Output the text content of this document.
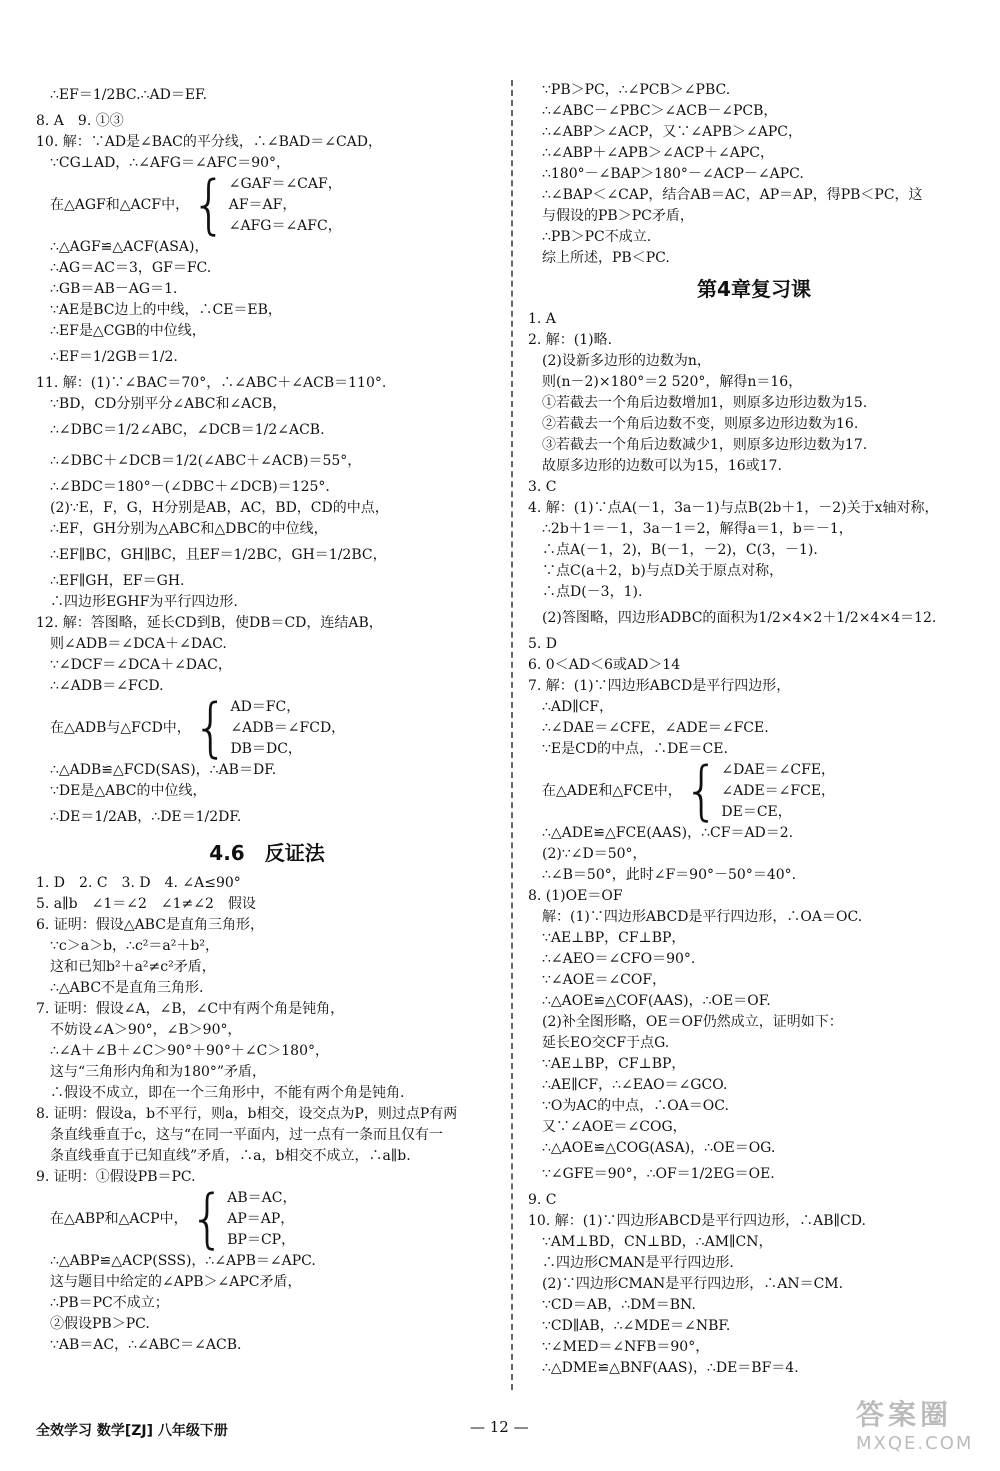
∴EF＝1/2BC.∴AD＝EF.
8. A　9. ①③
10. 解：∵AD是∠BAC的平分线，∴∠BAD＝∠CAD，
∵CG⊥AD，∴∠AFG＝∠AFC＝90°，
在△AGF和△ACF中， { ∠GAF＝∠CAF，
AF＝AF，
∠AFG＝∠AFC，
∴△AGF≌△ACF(ASA)，
∴AG＝AC＝3，GF＝FC.
∴GB＝AB－AG＝1.
∵AE是BC边上的中线，∴CE＝EB，
∴EF是△CGB的中位线，
∴EF＝1/2GB＝1/2.
11. 解：(1)∵∠BAC＝70°，∴∠ABC＋∠ACB＝110°.
∵BD，CD分别平分∠ABC和∠ACB，
∴∠DBC＝1/2∠ABC，∠DCB＝1/2∠ACB.
∴∠DBC＋∠DCB＝1/2(∠ABC＋∠ACB)＝55°，
∴∠BDC＝180°－(∠DBC＋∠DCB)＝125°.
(2)∵E，F，G，H分别是AB，AC，BD，CD的中点，
∴EF，GH分别为△ABC和△DBC的中位线，
∴EF∥BC，GH∥BC，且EF＝1/2BC，GH＝1/2BC，
∴EF∥GH，EF＝GH.
∴四边形EGHF为平行四边形.
12. 解：答图略，延长CD到B，使DB＝CD，连结AB，
则∠ADB＝∠DCA＋∠DAC.
∵∠DCF＝∠DCA＋∠DAC，
∴∠ADB＝∠FCD.
在△ADB与△FCD中， { AD＝FC，
∠ADB＝∠FCD，
DB＝DC，
∴△ADB≌△FCD(SAS)，∴AB＝DF.
∵DE是△ABC的中位线，
∴DE＝1/2AB，∴DE＝1/2DF.
4.6　反证法
1. D　2. C　3. D　4. ∠A≤90°
5. a∥b　∠1＝∠2　∠1≠∠2　假设
6. 证明：假设△ABC是直角三角形，
∵c＞a＞b，∴c²＝a²＋b²，
这和已知b²＋a²≠c²矛盾，
∴△ABC不是直角三角形.
7. 证明：假设∠A，∠B，∠C中有两个角是钝角，
不妨设∠A＞90°，∠B＞90°，
∴∠A＋∠B＋∠C＞90°＋90°＋∠C＞180°，
这与“三角形内角和为180°”矛盾，
∴假设不成立，即在一个三角形中，不能有两个角是钝角.
8. 证明：假设a，b不平行，则a，b相交，设交点为P，则过点P有两
条直线垂直于c，这与“在同一平面内，过一点有一条而且仅有一
条直线垂直于已知直线”矛盾，∴a，b相交不成立，∴a∥b.
9. 证明：①假设PB＝PC.
在△ABP和△ACP中， { AB＝AC，
AP＝AP，
BP＝CP，
∴△ABP≌△ACP(SSS)，∴∠APB＝∠APC.
这与题目中给定的∠APB＞∠APC矛盾，
∴PB＝PC不成立；
②假设PB＞PC.
∵AB＝AC，∴∠ABC＝∠ACB.
∵PB＞PC，∴∠PCB＞∠PBC.
∴∠ABC－∠PBC＞∠ACB－∠PCB，
∴∠ABP＞∠ACP，又∵∠APB＞∠APC，
∴∠ABP＋∠APB＞∠ACP＋∠APC，
∴180°－∠BAP＞180°－∠ACP－∠APC.
∴∠BAP＜∠CAP，结合AB＝AC，AP＝AP，得PB＜PC，这
与假设的PB＞PC矛盾，
∴PB＞PC不成立.
综上所述，PB＜PC.
第4章复习课
1. A
2. 解：(1)略.
(2)设新多边形的边数为n，
则(n－2)×180°＝2 520°，解得n＝16，
①若截去一个角后边数增加1，则原多边形边数为15.
②若截去一个角后边数不变，则原多边形边数为16.
③若截去一个角后边数减少1，则原多边形边数为17.
故原多边形的边数可以为15，16或17.
3. C
4. 解：(1)∵点A(－1，3a－1)与点B(2b＋1，－2)关于x轴对称，
∴2b＋1＝－1，3a－1＝2，解得a＝1，b＝－1，
∴点A(－1，2)，B(－1，－2)，C(3，－1).
∵点C(a＋2，b)与点D关于原点对称，
∴点D(－3，1).
(2)答图略，四边形ADBC的面积为1/2×4×2＋1/2×4×4＝12.
5. D
6. 0＜AD＜6或AD＞14
7. 解：(1)∵四边形ABCD是平行四边形，
∴AD∥CF，
∴∠DAE＝∠CFE，∠ADE＝∠FCE.
∵E是CD的中点，∴DE＝CE.
在△ADE和△FCE中， { ∠DAE＝∠CFE，
∠ADE＝∠FCE，
DE＝CE，
∴△ADE≌△FCE(AAS)，∴CF＝AD＝2.
(2)∵∠D＝50°，
∴∠B＝50°，此时∠F＝90°－50°＝40°.
8. (1)OE＝OF
解：(1)∵四边形ABCD是平行四边形，∴OA＝OC.
∵AE⊥BP，CF⊥BP，
∴∠AEO＝∠CFO＝90°.
∵∠AOE＝∠COF，
∴△AOE≌△COF(AAS)，∴OE＝OF.
(2)补全图形略，OE＝OF仍然成立，证明如下：
延长EO交CF于点G.
∵AE⊥BP，CF⊥BP，
∴AE∥CF，∴∠EAO＝∠GCO.
∵O为AC的中点，∴OA＝OC.
又∵∠AOE＝∠COG，
∴△AOE≌△COG(ASA)，∴OE＝OG.
∵∠GFE＝90°，∴OF＝1/2EG＝OE.
9. C
10. 解：(1)∵四边形ABCD是平行四边形，∴AB∥CD.
∵AM⊥BD，CN⊥BD，∴AM∥CN，
∴四边形CMAN是平行四边形.
(2)∵四边形CMAN是平行四边形，∴AN＝CM.
∵CD＝AB，∴DM＝BN.
∵CD∥AB，∴∠MDE＝∠NBF.
∵∠MED＝∠NFB＝90°，
∴△DME≌△BNF(AAS)，∴DE＝BF＝4.
全效学习 数学[ZJ] 八年级下册	— 12 —	答案圈
MXQE.COM
